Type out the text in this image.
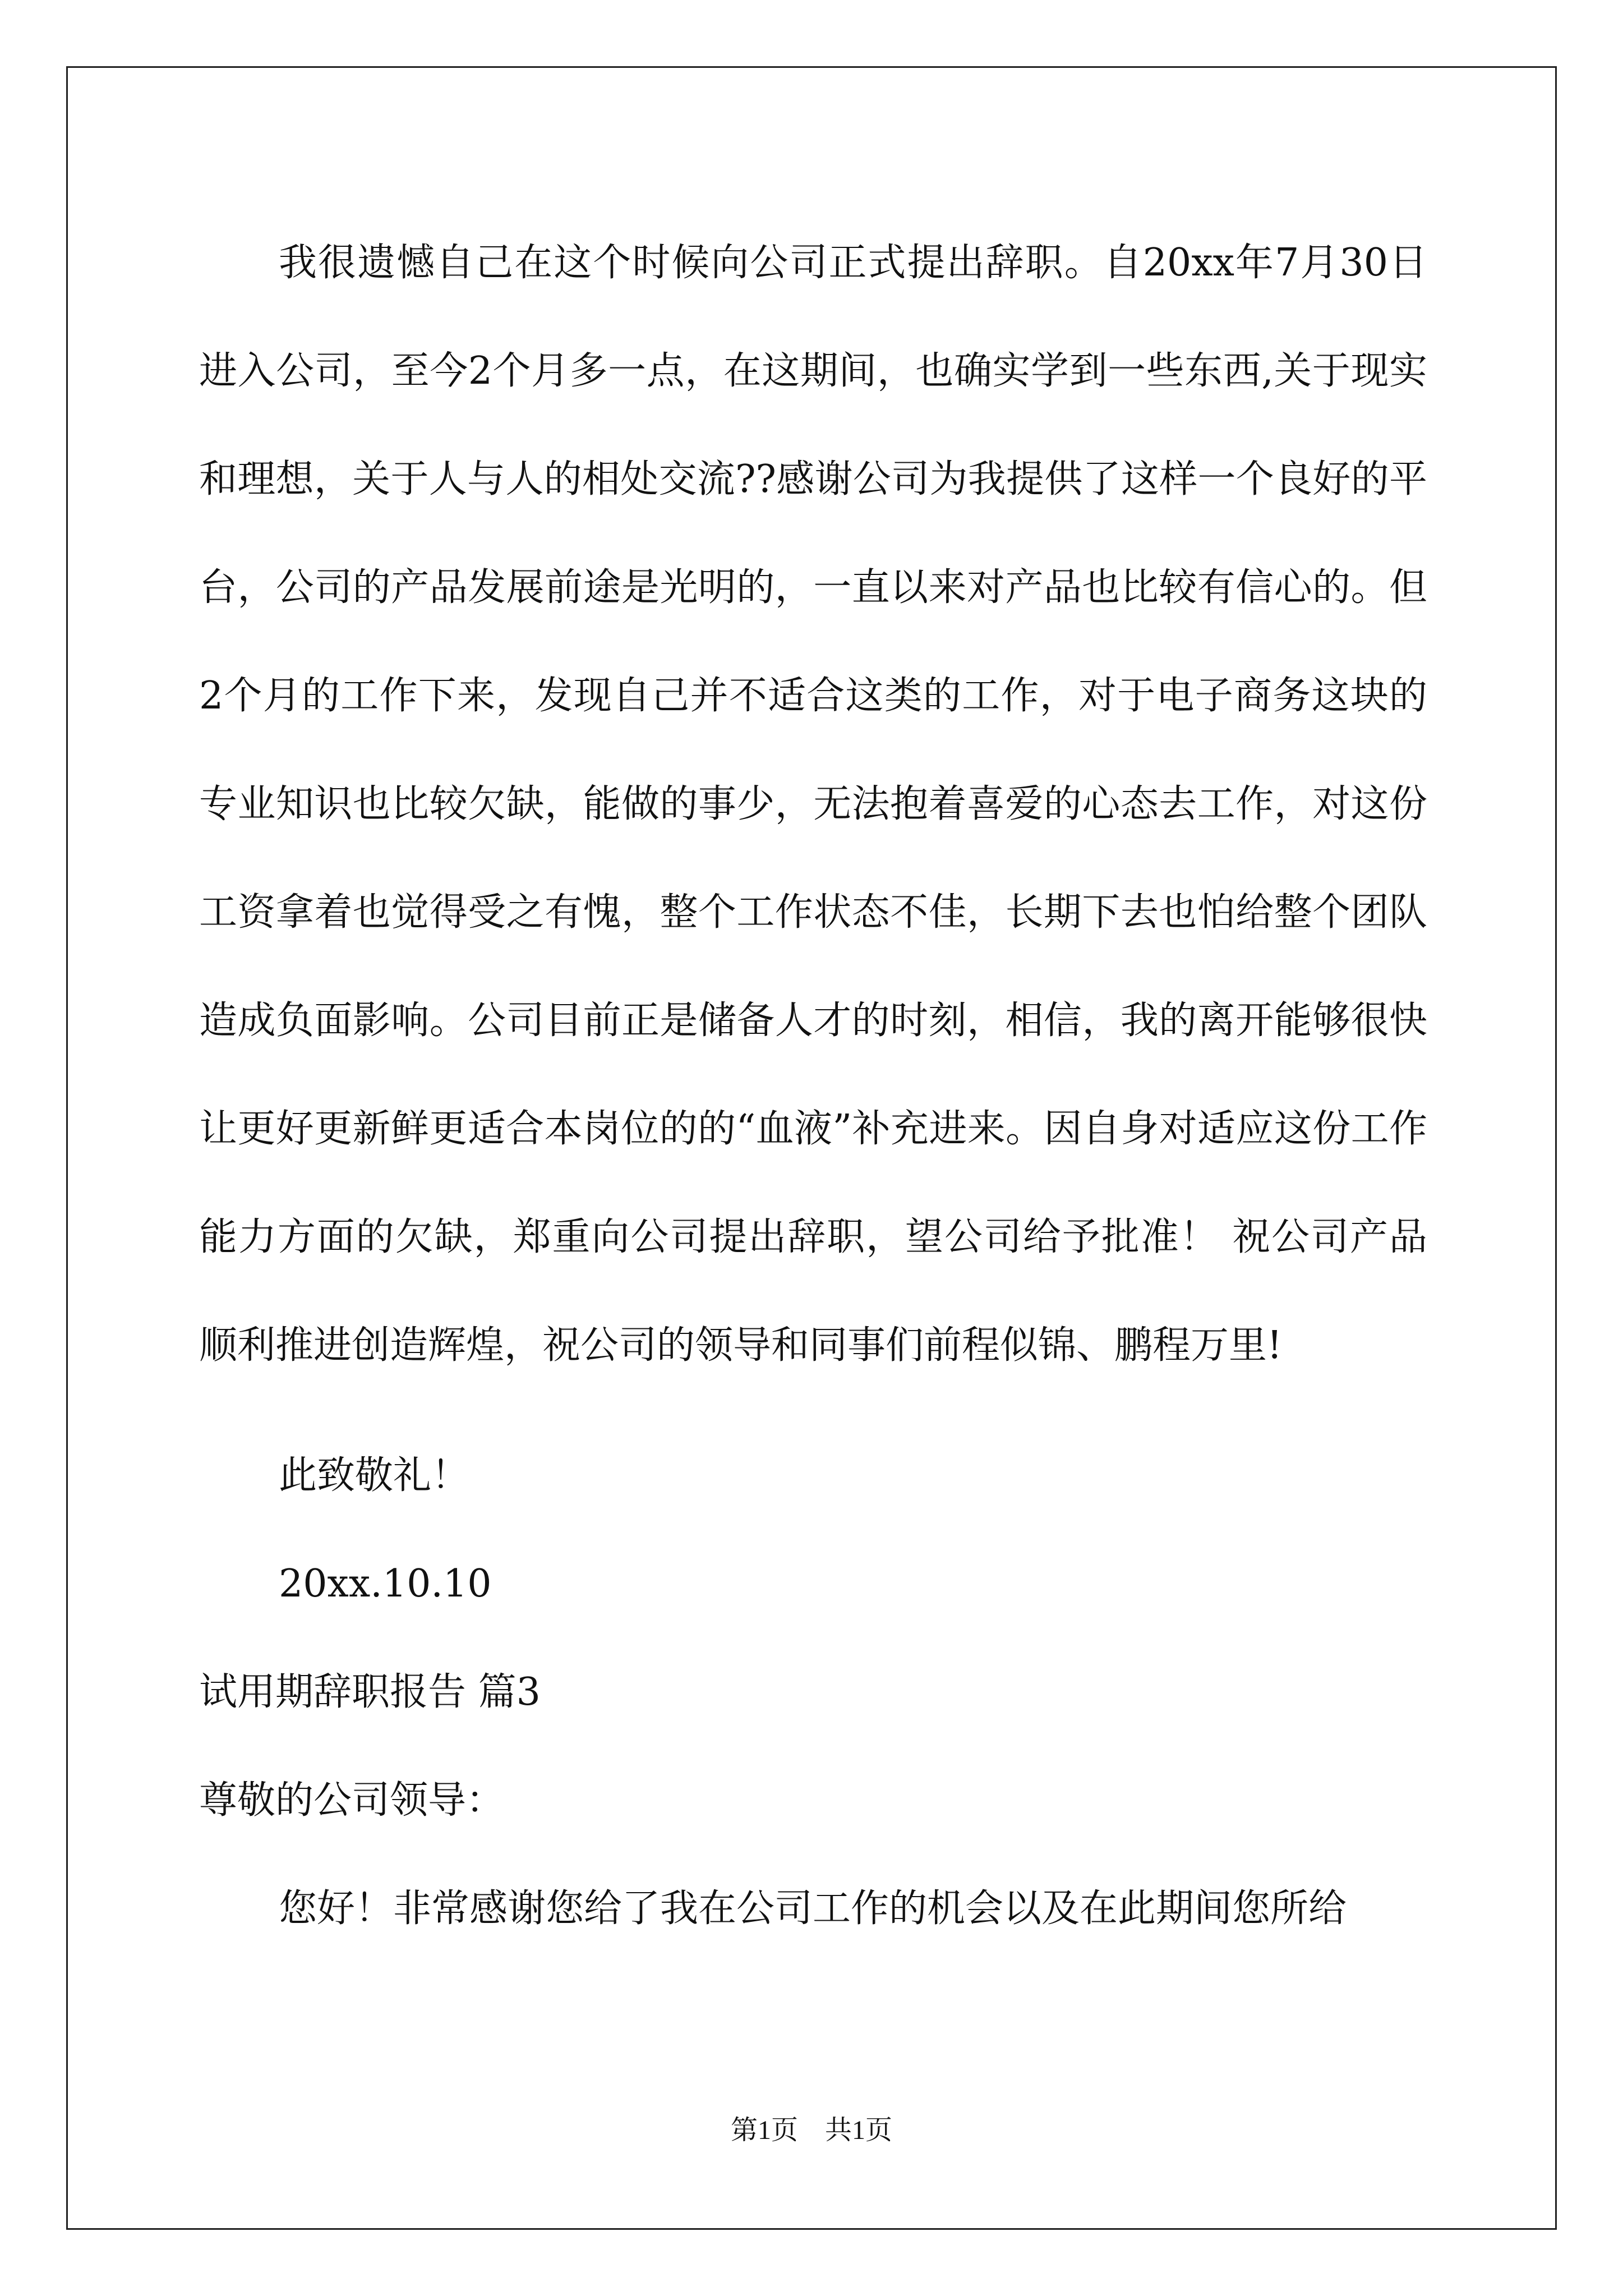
我很遗憾自己在这个时候向公司正式提出辞职。自20xx年7月30日进入公司，至今2个月多一点，在这期间，也确实学到一些东西,关于现实和理想，关于人与人的相处交流??感谢公司为我提供了这样一个良好的平台，公司的产品发展前途是光明的，一直以来对产品也比较有信心的。但2个月的工作下来，发现自己并不适合这类的工作，对于电子商务这块的专业知识也比较欠缺，能做的事少，无法抱着喜爱的心态去工作，对这份工资拿着也觉得受之有愧，整个工作状态不佳，长期下去也怕给整个团队造成负面影响。公司目前正是储备人才的时刻，相信，我的离开能够很快让更好更新鲜更适合本岗位的的“血液”补充进来。因自身对适应这份工作能力方面的欠缺，郑重向公司提出辞职，望公司给予批准！ 祝公司产品顺利推进创造辉煌，祝公司的领导和同事们前程似锦、鹏程万里!

此致敬礼！

20xx.10.10

试用期辞职报告 篇3

尊敬的公司领导：

您好！非常感谢您给了我在公司工作的机会以及在此期间您所给

第1页　共1页
